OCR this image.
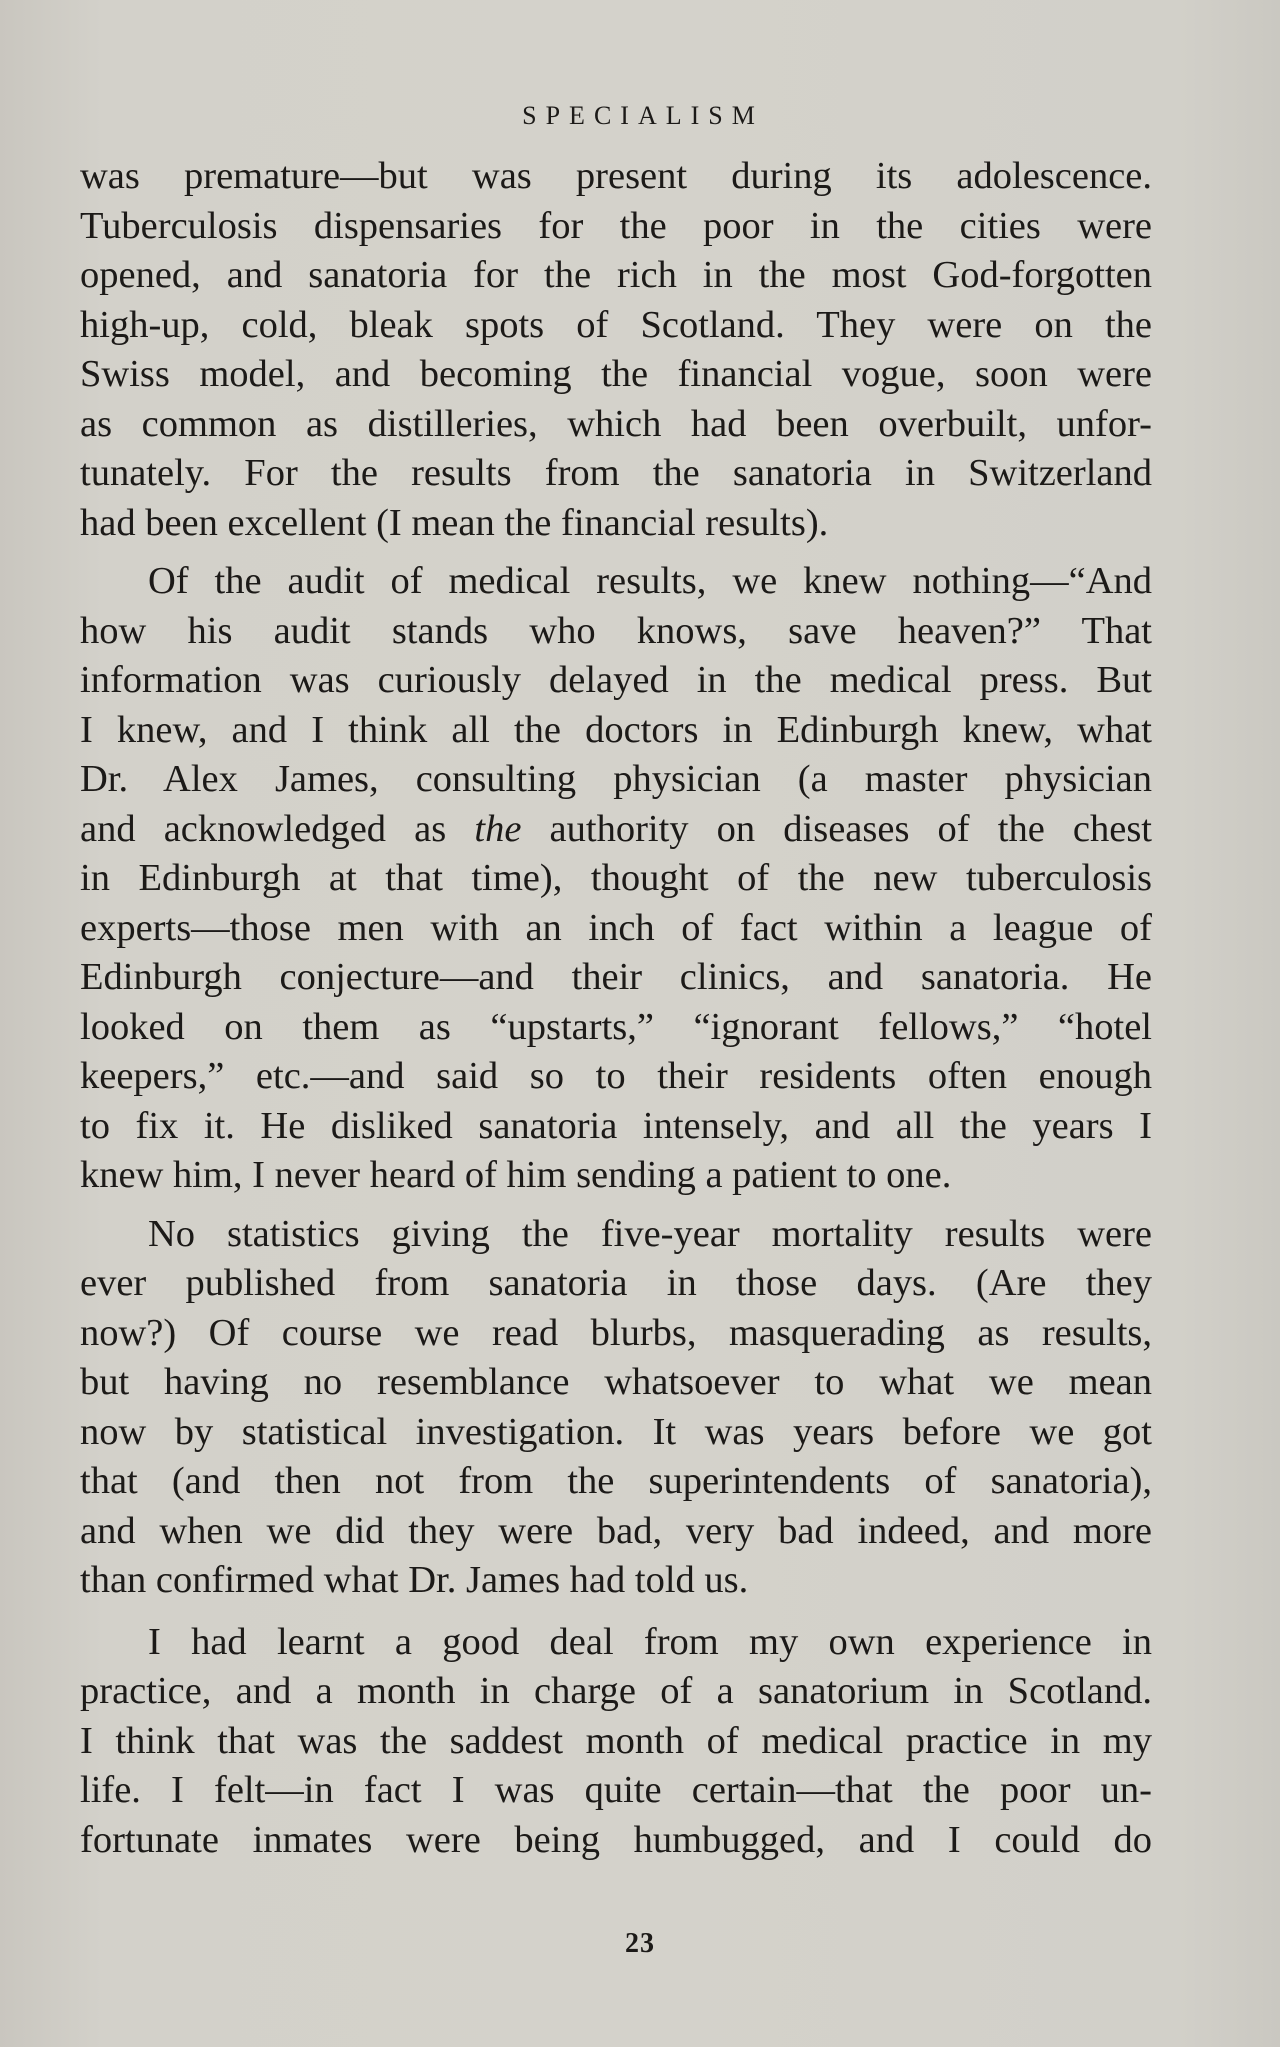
SPECIALISM
was premature—but was present during its adolescence.
Tuberculosis dispensaries for the poor in the cities were
opened, and sanatoria for the rich in the most God-forgotten
high-up, cold, bleak spots of Scotland. They were on the
Swiss model, and becoming the financial vogue, soon were
as common as distilleries, which had been overbuilt, unfor-
tunately. For the results from the sanatoria in Switzerland
had been excellent (I mean the financial results).
Of the audit of medical results, we knew nothing—“And
how his audit stands who knows, save heaven?” That
information was curiously delayed in the medical press. But
I knew, and I think all the doctors in Edinburgh knew, what
Dr. Alex James, consulting physician (a master physician
and acknowledged as the authority on diseases of the chest
in Edinburgh at that time), thought of the new tuberculosis
experts—those men with an inch of fact within a league of
Edinburgh conjecture—and their clinics, and sanatoria. He
looked on them as “upstarts,” “ignorant fellows,” “hotel
keepers,” etc.—and said so to their residents often enough
to fix it. He disliked sanatoria intensely, and all the years I
knew him, I never heard of him sending a patient to one.
No statistics giving the five-year mortality results were
ever published from sanatoria in those days. (Are they
now?) Of course we read blurbs, masquerading as results,
but having no resemblance whatsoever to what we mean
now by statistical investigation. It was years before we got
that (and then not from the superintendents of sanatoria),
and when we did they were bad, very bad indeed, and more
than confirmed what Dr. James had told us.
I had learnt a good deal from my own experience in
practice, and a month in charge of a sanatorium in Scotland.
I think that was the saddest month of medical practice in my
life. I felt—in fact I was quite certain—that the poor un-
fortunate inmates were being humbugged, and I could do
23
